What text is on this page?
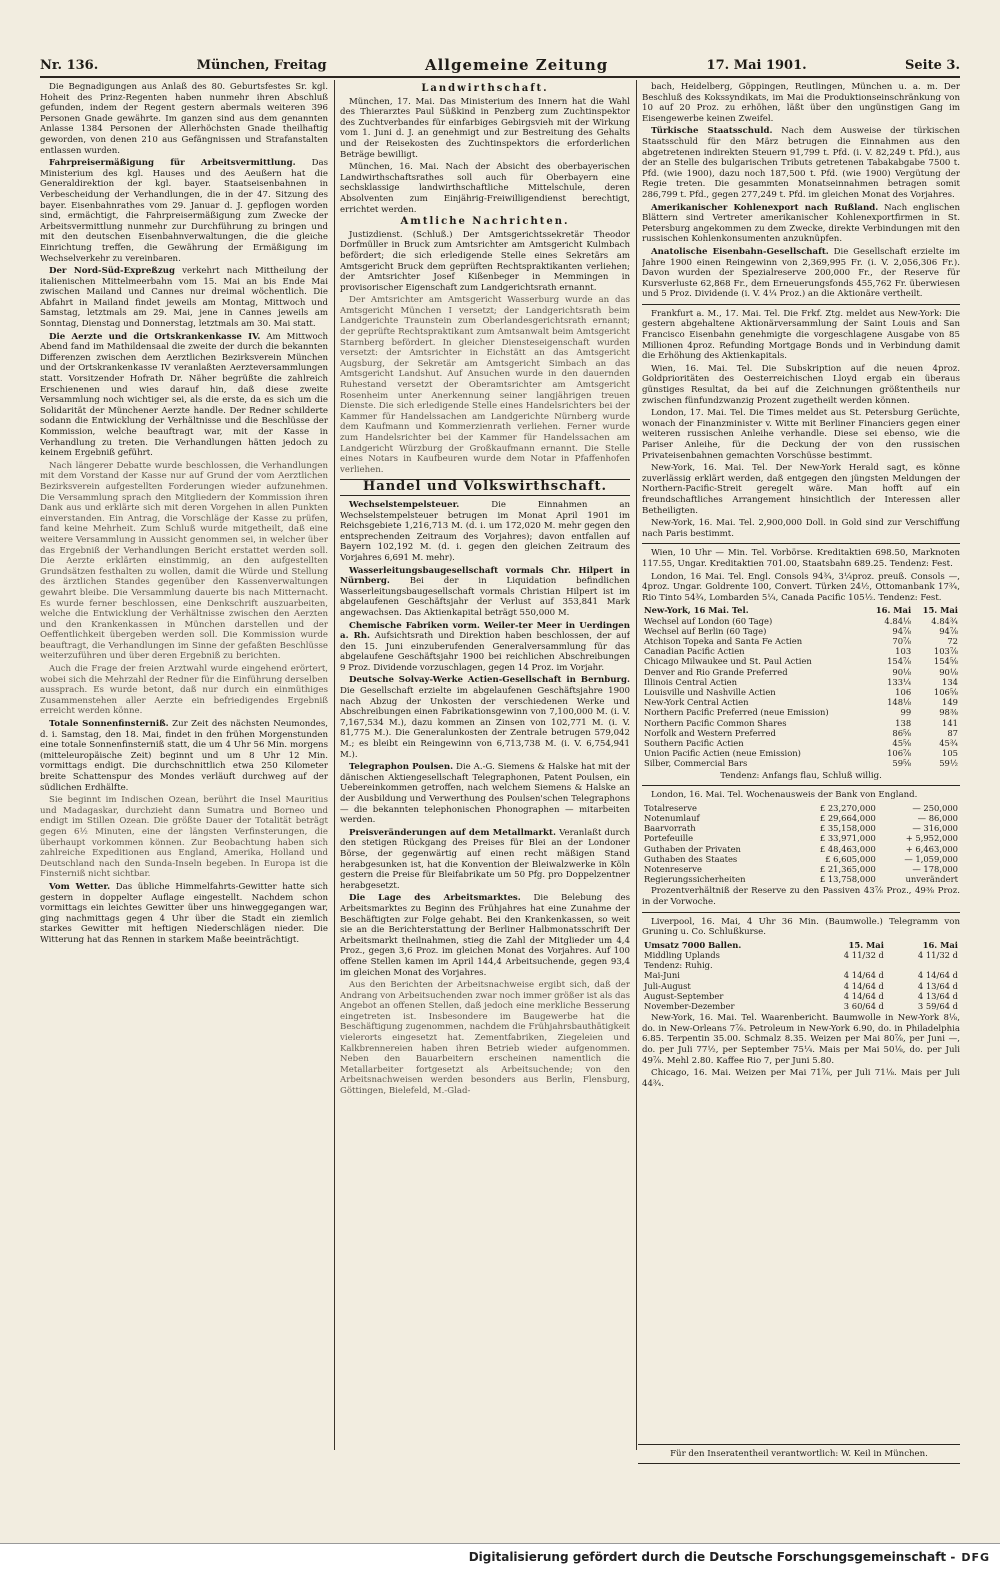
Nr. 136.	München, Freitag	Allgemeine Zeitung	17. Mai 1901.	Seite 3.

Die Begnadigungen aus Anlaß des 80. Geburtsfestes Sr. kgl. Hoheit des Prinz-Regenten haben nunmehr ihren Abschluß gefunden, indem der Regent gestern abermals weiteren 396 Personen Gnade gewährte. Im ganzen sind aus dem genannten Anlasse 1384 Personen der Allerhöchsten Gnade theilhaftig geworden, von denen 210 aus Gefängnissen und Strafanstalten entlassen wurden.

Fahrpreisermäßigung für Arbeitsvermittlung. Das Ministerium des kgl. Hauses und des Aeußern hat die Generaldirektion der kgl. bayer. Staatseisenbahnen in Verbescheidung der Verhandlungen, die in der 47. Sitzung des bayer. Eisenbahnrathes vom 29. Januar d. J. gepflogen worden sind, ermächtigt, die Fahrpreisermäßigung zum Zwecke der Arbeitsvermittlung nunmehr zur Durchführung zu bringen und mit den deutschen Eisenbahnverwaltungen, die die gleiche Einrichtung treffen, die Gewährung der Ermäßigung im Wechselverkehr zu vereinbaren.

Der Nord-Süd-Expreßzug verkehrt nach Mittheilung der italienischen Mittelmeerbahn vom 15. Mai an bis Ende Mai zwischen Mailand und Cannes nur dreimal wöchentlich. Die Abfahrt in Mailand findet jeweils am Montag, Mittwoch und Samstag, letztmals am 29. Mai, jene in Cannes jeweils am Sonntag, Dienstag und Donnerstag, letztmals am 30. Mai statt.

Die Aerzte und die Ortskrankenkasse IV. Am Mittwoch Abend fand im Mathildensaal die zweite der durch die bekannten Differenzen zwischen dem Aerztlichen Bezirksverein München und der Ortskrankenkasse IV veranlaßten Aerzteversammlungen statt. Vorsitzender Hofrath Dr. Näher begrüßte die zahlreich Erschienenen und wies darauf hin, daß diese zweite Versammlung noch wichtiger sei, als die erste, da es sich um die Solidarität der Münchener Aerzte handle. Der Redner schilderte sodann die Entwicklung der Verhältnisse und die Beschlüsse der Kommission, welche beauftragt war, mit der Kasse in Verhandlung zu treten. Die Verhandlungen hätten jedoch zu keinem Ergebniß geführt.

Nach längerer Debatte wurde beschlossen, die Verhandlungen mit dem Vorstand der Kasse nur auf Grund der vom Aerztlichen Bezirksverein aufgestellten Forderungen wieder aufzunehmen. Die Versammlung sprach den Mitgliedern der Kommission ihren Dank aus und erklärte sich mit deren Vorgehen in allen Punkten einverstanden. Ein Antrag, die Vorschläge der Kasse zu prüfen, fand keine Mehrheit. Zum Schluß wurde mitgetheilt, daß eine weitere Versammlung in Aussicht genommen sei, in welcher über das Ergebniß der Verhandlungen Bericht erstattet werden soll. Die Aerzte erklärten einstimmig, an den aufgestellten Grundsätzen festhalten zu wollen, damit die Würde und Stellung des ärztlichen Standes gegenüber den Kassenverwaltungen gewahrt bleibe. Die Versammlung dauerte bis nach Mitternacht. Es wurde ferner beschlossen, eine Denkschrift auszuarbeiten, welche die Entwicklung der Verhältnisse zwischen den Aerzten und den Krankenkassen in München darstellen und der Oeffentlichkeit übergeben werden soll. Die Kommission wurde beauftragt, die Verhandlungen im Sinne der gefaßten Beschlüsse weiterzuführen und über deren Ergebniß zu berichten.

Auch die Frage der freien Arztwahl wurde eingehend erörtert, wobei sich die Mehrzahl der Redner für die Einführung derselben aussprach. Es wurde betont, daß nur durch ein einmüthiges Zusammenstehen aller Aerzte ein befriedigendes Ergebniß erreicht werden könne.

Totale Sonnenfinsterniß. Zur Zeit des nächsten Neumondes, d. i. Samstag, den 18. Mai, findet in den frühen Morgenstunden eine totale Sonnenfinsterniß statt, die um 4 Uhr 56 Min. morgens (mitteleuropäische Zeit) beginnt und um 8 Uhr 12 Min. vormittags endigt. Die durchschnittlich etwa 250 Kilometer breite Schattenspur des Mondes verläuft durchweg auf der südlichen Erdhälfte.

Sie beginnt im Indischen Ozean, berührt die Insel Mauritius und Madagaskar, durchzieht dann Sumatra und Borneo und endigt im Stillen Ozean. Die größte Dauer der Totalität beträgt gegen 6½ Minuten, eine der längsten Verfinsterungen, die überhaupt vorkommen können. Zur Beobachtung haben sich zahlreiche Expeditionen aus England, Amerika, Holland und Deutschland nach den Sunda-Inseln begeben. In Europa ist die Finsterniß nicht sichtbar.

Vom Wetter. Das übliche Himmelfahrts-Gewitter hatte sich gestern in doppelter Auflage eingestellt. Nachdem schon vormittags ein leichtes Gewitter über uns hinweggegangen war, ging nachmittags gegen 4 Uhr über die Stadt ein ziemlich starkes Gewitter mit heftigen Niederschlägen nieder. Die Witterung hat das Rennen in starkem Maße beeinträchtigt.

Landwirthschaft.

München, 17. Mai. Das Ministerium des Innern hat die Wahl des Thierarztes Paul Süßkind in Penzberg zum Zuchtinspektor des Zuchtverbandes für einfarbiges Gebirgsvieh mit der Wirkung vom 1. Juni d. J. an genehmigt und zur Bestreitung des Gehalts und der Reisekosten des Zuchtinspektors die erforderlichen Beträge bewilligt.

München, 16. Mai. Nach der Absicht des oberbayerischen Landwirthschaftsrathes soll auch für Oberbayern eine sechsklassige landwirthschaftliche Mittelschule, deren Absolventen zum Einjährig-Freiwilligendienst berechtigt, errichtet werden.

Amtliche Nachrichten.

Justizdienst. (Schluß.) Der Amtsgerichtssekretär Theodor Dorfmüller in Bruck zum Amtsrichter am Amtsgericht Kulmbach befördert; die sich erledigende Stelle eines Sekretärs am Amtsgericht Bruck dem geprüften Rechtspraktikanten verliehen; der Amtsrichter Josef Kißenbeger in Memmingen in provisorischer Eigenschaft zum Landgerichtsrath ernannt.

Der Amtsrichter am Amtsgericht Wasserburg wurde an das Amtsgericht München I versetzt; der Landgerichtsrath beim Landgerichte Traunstein zum Oberlandesgerichtsrath ernannt; der geprüfte Rechtspraktikant zum Amtsanwalt beim Amtsgericht Starnberg befördert. In gleicher Diensteseigenschaft wurden versetzt: der Amtsrichter in Eichstätt an das Amtsgericht Augsburg, der Sekretär am Amtsgericht Simbach an das Amtsgericht Landshut. Auf Ansuchen wurde in den dauernden Ruhestand versetzt der Oberamtsrichter am Amtsgericht Rosenheim unter Anerkennung seiner langjährigen treuen Dienste. Die sich erledigende Stelle eines Handelsrichters bei der Kammer für Handelssachen am Landgerichte Nürnberg wurde dem Kaufmann und Kommerzienrath verliehen. Ferner wurde zum Handelsrichter bei der Kammer für Handelssachen am Landgericht Würzburg der Großkaufmann ernannt. Die Stelle eines Notars in Kaufbeuren wurde dem Notar in Pfaffenhofen verliehen.

Handel und Volkswirthschaft.

Wechselstempelsteuer.	Die Einnahmen an Wechselstempelsteuer betrugen im Monat April 1901 im Reichsgebiete 1,216,713 M. (d. i. um 172,020 M. mehr gegen den entsprechenden Zeitraum des Vorjahres); davon entfallen auf Bayern 102,192 M. (d. i. gegen den gleichen Zeitraum des Vorjahres 6,691 M. mehr).

Wasserleitungsbaugesellschaft vormals Chr. Hilpert in Nürnberg. Bei der in Liquidation befindlichen Wasserleitungsbaugesellschaft vormals Christian Hilpert ist im abgelaufenen Geschäftsjahr der Verlust auf 353,841 Mark angewachsen. Das Aktienkapital beträgt 550,000 M.

Chemische Fabriken vorm. Weiler-ter Meer in Uerdingen a. Rh. Aufsichtsrath und Direktion haben beschlossen, der auf den 15. Juni einzuberufenden Generalversammlung für das abgelaufene Geschäftsjahr 1900 bei reichlichen Abschreibungen 9 Proz. Dividende vorzuschlagen, gegen 14 Proz. im Vorjahr.

Deutsche Solvay-Werke Actien-Gesellschaft in Bernburg. Die Gesellschaft erzielte im abgelaufenen Geschäftsjahre 1900 nach Abzug der Unkosten der verschiedenen Werke und Abschreibungen einen Fabrikationsgewinn von 7,100,000 M. (i. V. 7,167,534 M.), dazu kommen an Zinsen von 102,771 M. (i. V. 81,775 M.). Die Generalunkosten der Zentrale betrugen 579,042 M.; es bleibt ein Reingewinn von 6,713,738 M. (i. V. 6,754,941 M.).

Telegraphon Poulsen. Die A.-G. Siemens & Halske hat mit der dänischen Aktiengesellschaft Telegraphonen, Patent Poulsen, ein Uebereinkommen getroffen, nach welchem Siemens & Halske an der Ausbildung und Verwerthung des Poulsen'schen Telegraphons — die bekannten telephonischen Phonographen — mitarbeiten werden.

Preisveränderungen auf dem Metallmarkt. Veranlaßt durch den stetigen Rückgang des Preises für Blei an der Londoner Börse, der gegenwärtig auf einen recht mäßigen Stand herabgesunken ist, hat die Konvention der Bleiwalzwerke in Köln gestern die Preise für Bleifabrikate um 50 Pfg. pro Doppelzentner herabgesetzt.

Die Lage des Arbeitsmarktes. Die Belebung des Arbeitsmarktes zu Beginn des Frühjahres hat eine Zunahme der Beschäftigten zur Folge gehabt. Bei den Krankenkassen, so weit sie an die Berichterstattung der Berliner Halbmonatsschrift Der Arbeitsmarkt theilnahmen, stieg die Zahl der Mitglieder um 4,4 Proz., gegen 3,6 Proz. im gleichen Monat des Vorjahres. Auf 100 offene Stellen kamen im April 144,4 Arbeitsuchende, gegen 93,4 im gleichen Monat des Vorjahres.

Aus den Berichten der Arbeitsnachweise ergibt sich, daß der Andrang von Arbeitsuchenden zwar noch immer größer ist als das Angebot an offenen Stellen, daß jedoch eine merkliche Besserung eingetreten ist. Insbesondere im Baugewerbe hat die Beschäftigung zugenommen, nachdem die Frühjahrsbauthätigkeit vielerorts eingesetzt hat. Zementfabriken, Ziegeleien und Kalkbrennereien haben ihren Betrieb wieder aufgenommen. Neben den Bauarbeitern erscheinen namentlich die Metallarbeiter fortgesetzt als Arbeitsuchende; von den Arbeitsnachweisen werden besonders aus Berlin, Flensburg, Göttingen, Bielefeld, M.-Glad-

bach, Heidelberg, Göppingen, Reutlingen, München u. a. m. Der Beschluß des Kokssyndikats, im Mai die Produktionseinschränkung von 10 auf 20 Proz. zu erhöhen, läßt über den ungünstigen Gang im Eisengewerbe keinen Zweifel.

Türkische Staatsschuld. Nach dem Ausweise der türkischen Staatsschuld für den März betrugen die Einnahmen aus den abgetretenen indirekten Steuern 91,799 t. Pfd. (i. V. 82,249 t. Pfd.), aus der an Stelle des bulgarischen Tributs getretenen Tabakabgabe 7500 t. Pfd. (wie 1900), dazu noch 187,500 t. Pfd. (wie 1900) Vergütung der Regie treten. Die gesammten Monatseinnahmen betragen somit 286,799 t. Pfd., gegen 277,249 t. Pfd. im gleichen Monat des Vorjahres.

Amerikanischer Kohlenexport nach Rußland. Nach englischen Blättern sind Vertreter amerikanischer Kohlenexportfirmen in St. Petersburg angekommen zu dem Zwecke, direkte Verbindungen mit den russischen Kohlenkonsumenten anzuknüpfen.

Anatolische Eisenbahn-Gesellschaft. Die Gesellschaft erzielte im Jahre 1900 einen Reingewinn von 2,369,995 Fr. (i. V. 2,056,306 Fr.). Davon wurden der Spezialreserve 200,000 Fr., der Reserve für Kursverluste 62,868 Fr., dem Erneuerungsfonds 455,762 Fr. überwiesen und 5 Proz. Dividende (i. V. 4¼ Proz.) an die Aktionäre vertheilt.

Frankfurt a. M., 17. Mai. Tel. Die Frkf. Ztg. meldet aus New-York: Die gestern abgehaltene Aktionärversammlung der Saint Louis and San Francisco Eisenbahn genehmigte die vorgeschlagene Ausgabe von 85 Millionen 4proz. Refunding Mortgage Bonds und in Verbindung damit die Erhöhung des Aktienkapitals.

Wien, 16. Mai. Tel. Die Subskription auf die neuen 4proz. Goldprioritäten des Oesterreichischen Lloyd ergab ein überaus günstiges Resultat, da bei auf die Zeichnungen größtentheils nur zwischen fünfundzwanzig Prozent zugetheilt werden können.

London, 17. Mai. Tel. Die Times meldet aus St. Petersburg Gerüchte, wonach der Finanzminister v. Witte mit Berliner Financiers gegen einer weiteren russischen Anleihe verhandle. Diese sei ebenso, wie die Pariser Anleihe, für die Deckung der von den russischen Privateisenbahnen gemachten Vorschüsse bestimmt.

New-York, 16. Mai. Tel. Der New-York Herald sagt, es könne zuverlässig erklärt werden, daß entgegen den jüngsten Meldungen der Northern-Pacific-Streit geregelt wäre. Man hofft auf ein freundschaftliches Arrangement hinsichtlich der Interessen aller Betheiligten.

New-York, 16. Mai. Tel. 2,900,000 Doll. in Gold sind zur Verschiffung nach Paris bestimmt.

Wien, 10 Uhr — Min. Tel. Vorbörse. Kreditaktien 698.50, Marknoten 117.55, Ungar. Kreditaktien 701.00, Staatsbahn 689.25. Tendenz: Fest.

London, 16 Mai. Tel. Engl. Consols 94¾, 3¼proz. preuß. Consols —, 4proz. Ungar. Goldrente 100, Convert. Türken 24½, Ottomanbank 17¾, Rio Tinto 54¾, Lombarden 5¼, Canada Pacific 105½. Tendenz: Fest.

New-York, 16 Mai. Tel.	16. Mai	15. Mai
Wechsel auf London (60 Tage)	4.84⅛	4.84¾
Wechsel auf Berlin (60 Tage)	94⅞	94⅞
Atchison Topeka and Santa Fe Actien	70⅞	72
Canadian Pacific Actien	103	103⅞
Chicago Milwaukee und St. Paul Actien	154⅞	154⅝
Denver and Rio Grande Preferred	90⅛	90⅛
Illinois Central Actien	133¼	134
Louisville und Nashville Actien	106	106⅝
New-York Central Actien	148⅛	149
Northern Pacific Preferred (neue Emission)	99	98⅜
Northern Pacific Common Shares	138	141
Norfolk and Western Preferred	86⅝	87
Southern Pacific Actien	45⅝	45¾
Union Pacific Actien (neue Emission)	106⅞	105
Silber, Commercial Bars	59⅝	59½

Tendenz: Anfangs flau, Schluß willig.

London, 16. Mai. Tel. Wochenausweis der Bank von England.

Totalreserve	£ 23,270,000	— 250,000
Notenumlauf	£ 29,664,000	— 86,000
Baarvorrath	£ 35,158,000	— 316,000
Portefeuille	£ 33,971,000	+ 5,952,000
Guthaben der Privaten	£ 48,463,000	+ 6,463,000
Guthaben des Staates	£ 6,605,000	— 1,059,000
Notenreserve	£ 21,365,000	— 178,000
Regierungssicherheiten	£ 13,758,000	unverändert

Prozentverhältniß der Reserve zu den Passiven 43⅞ Proz., 49⅜ Proz. in der Vorwoche.

Liverpool, 16. Mai, 4 Uhr 36 Min. (Baumwolle.) Telegramm von Gruning u. Co. Schlußkurse.

Umsatz 7000 Ballen.	15. Mai	16. Mai
Middling Uplands	4 11/32 d	4 11/32 d
Tendenz: Ruhig.		
Mai-Juni	4 14/64 d	4 14/64 d
Juli-August	4 14/64 d	4 13/64 d
August-September	4 14/64 d	4 13/64 d
November-Dezember	3 60/64 d	3 59/64 d

New-York, 16. Mai. Tel. Waarenbericht. Baumwolle in New-York 8⅛, do. in New-Orleans 7⅞. Petroleum in New-York 6.90, do. in Philadelphia 6.85. Terpentin 35.00. Schmalz 8.35. Weizen per Mai 80⅞, per Juni —, do. per Juli 77½, per September 75¼. Mais per Mai 50⅛, do. per Juli 49⅞. Mehl 2.80. Kaffee Rio 7, per Juni 5.80.

Chicago, 16. Mai. Weizen per Mai 71⅞, per Juli 71⅛. Mais per Juli 44¾.

Für den Inseratentheil verantwortlich: W. Keil in München.
Digitalisierung gefördert durch die Deutsche Forschungsgemeinschaft - DFG
